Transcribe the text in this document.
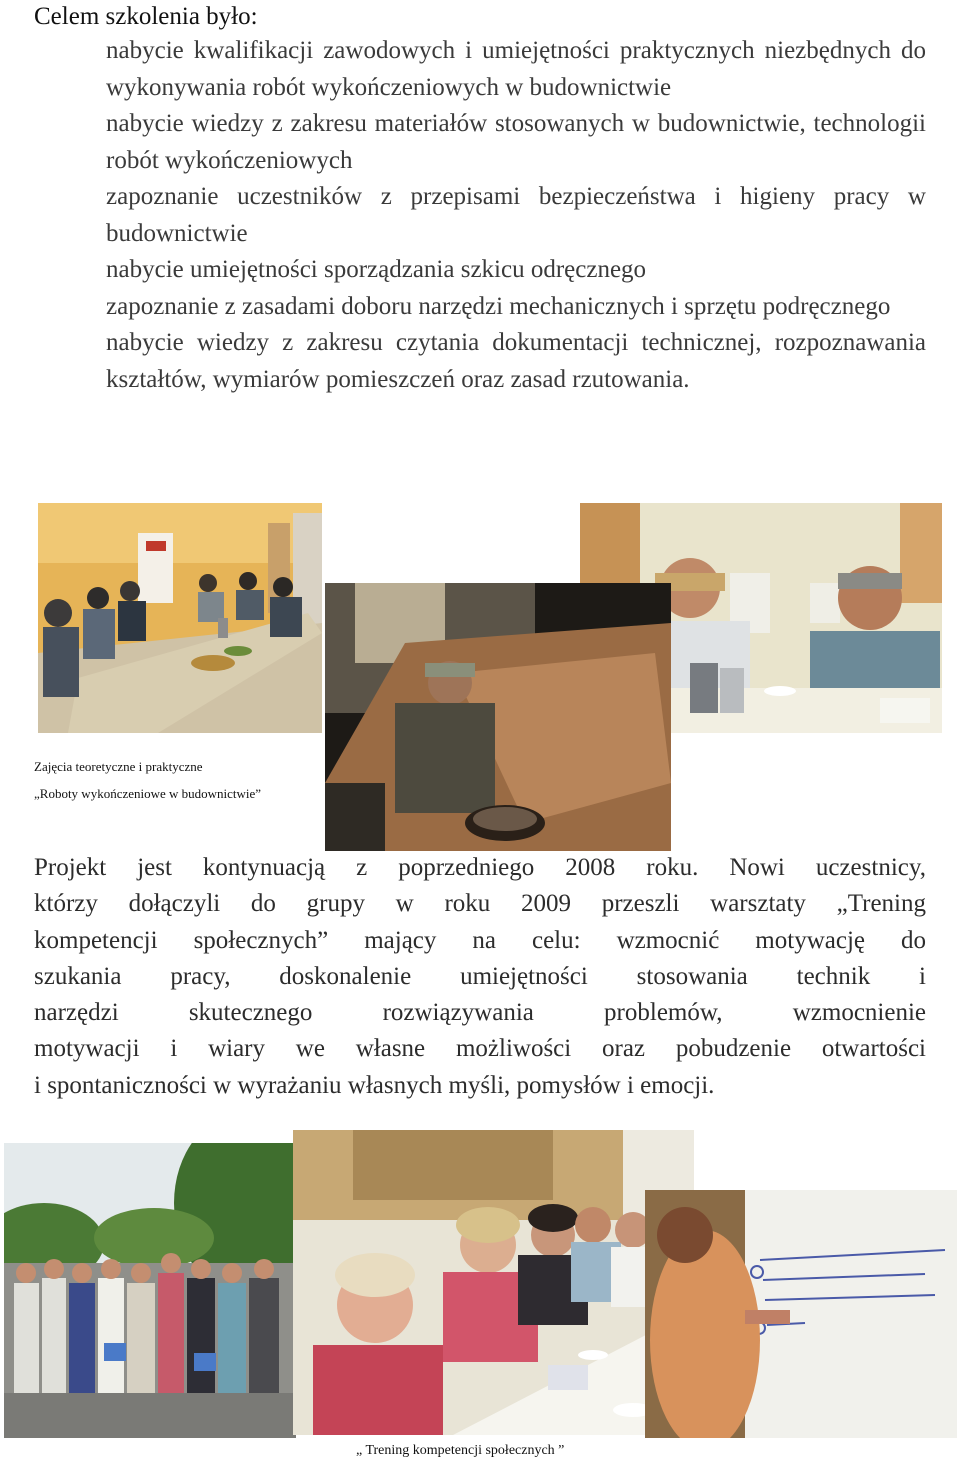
Celem szkolenia było:
nabycie kwalifikacji zawodowych i umiejętności praktycznych niezbędnych do wykonywania robót wykończeniowych w budownictwie
nabycie wiedzy z zakresu materiałów stosowanych w budownictwie, technologii robót wykończeniowych
zapoznanie uczestników z przepisami bezpieczeństwa i higieny pracy w budownictwie
nabycie umiejętności sporządzania szkicu odręcznego
zapoznanie z zasadami doboru narzędzi mechanicznych i sprzętu podręcznego
nabycie wiedzy z zakresu czytania dokumentacji technicznej, rozpoznawania kształtów, wymiarów pomieszczeń oraz zasad rzutowania.
Zajęcia teoretyczne i praktyczne
„Roboty wykończeniowe w budownictwie”
Projekt jest kontynuacją z poprzedniego 2008 roku. Nowi uczestnicy,
którzy dołączyli do grupy w roku 2009 przeszli warsztaty „Trening
kompetencji społecznych” mający na celu: wzmocnić motywację do
szukania pracy, doskonalenie umiejętności stosowania technik i
narzędzi skutecznego rozwiązywania problemów, wzmocnienie
motywacji i wiary we własne możliwości oraz pobudzenie otwartości
i spontaniczności w wyrażaniu własnych myśli, pomysłów i emocji.
„ Trening kompetencji społecznych ”
